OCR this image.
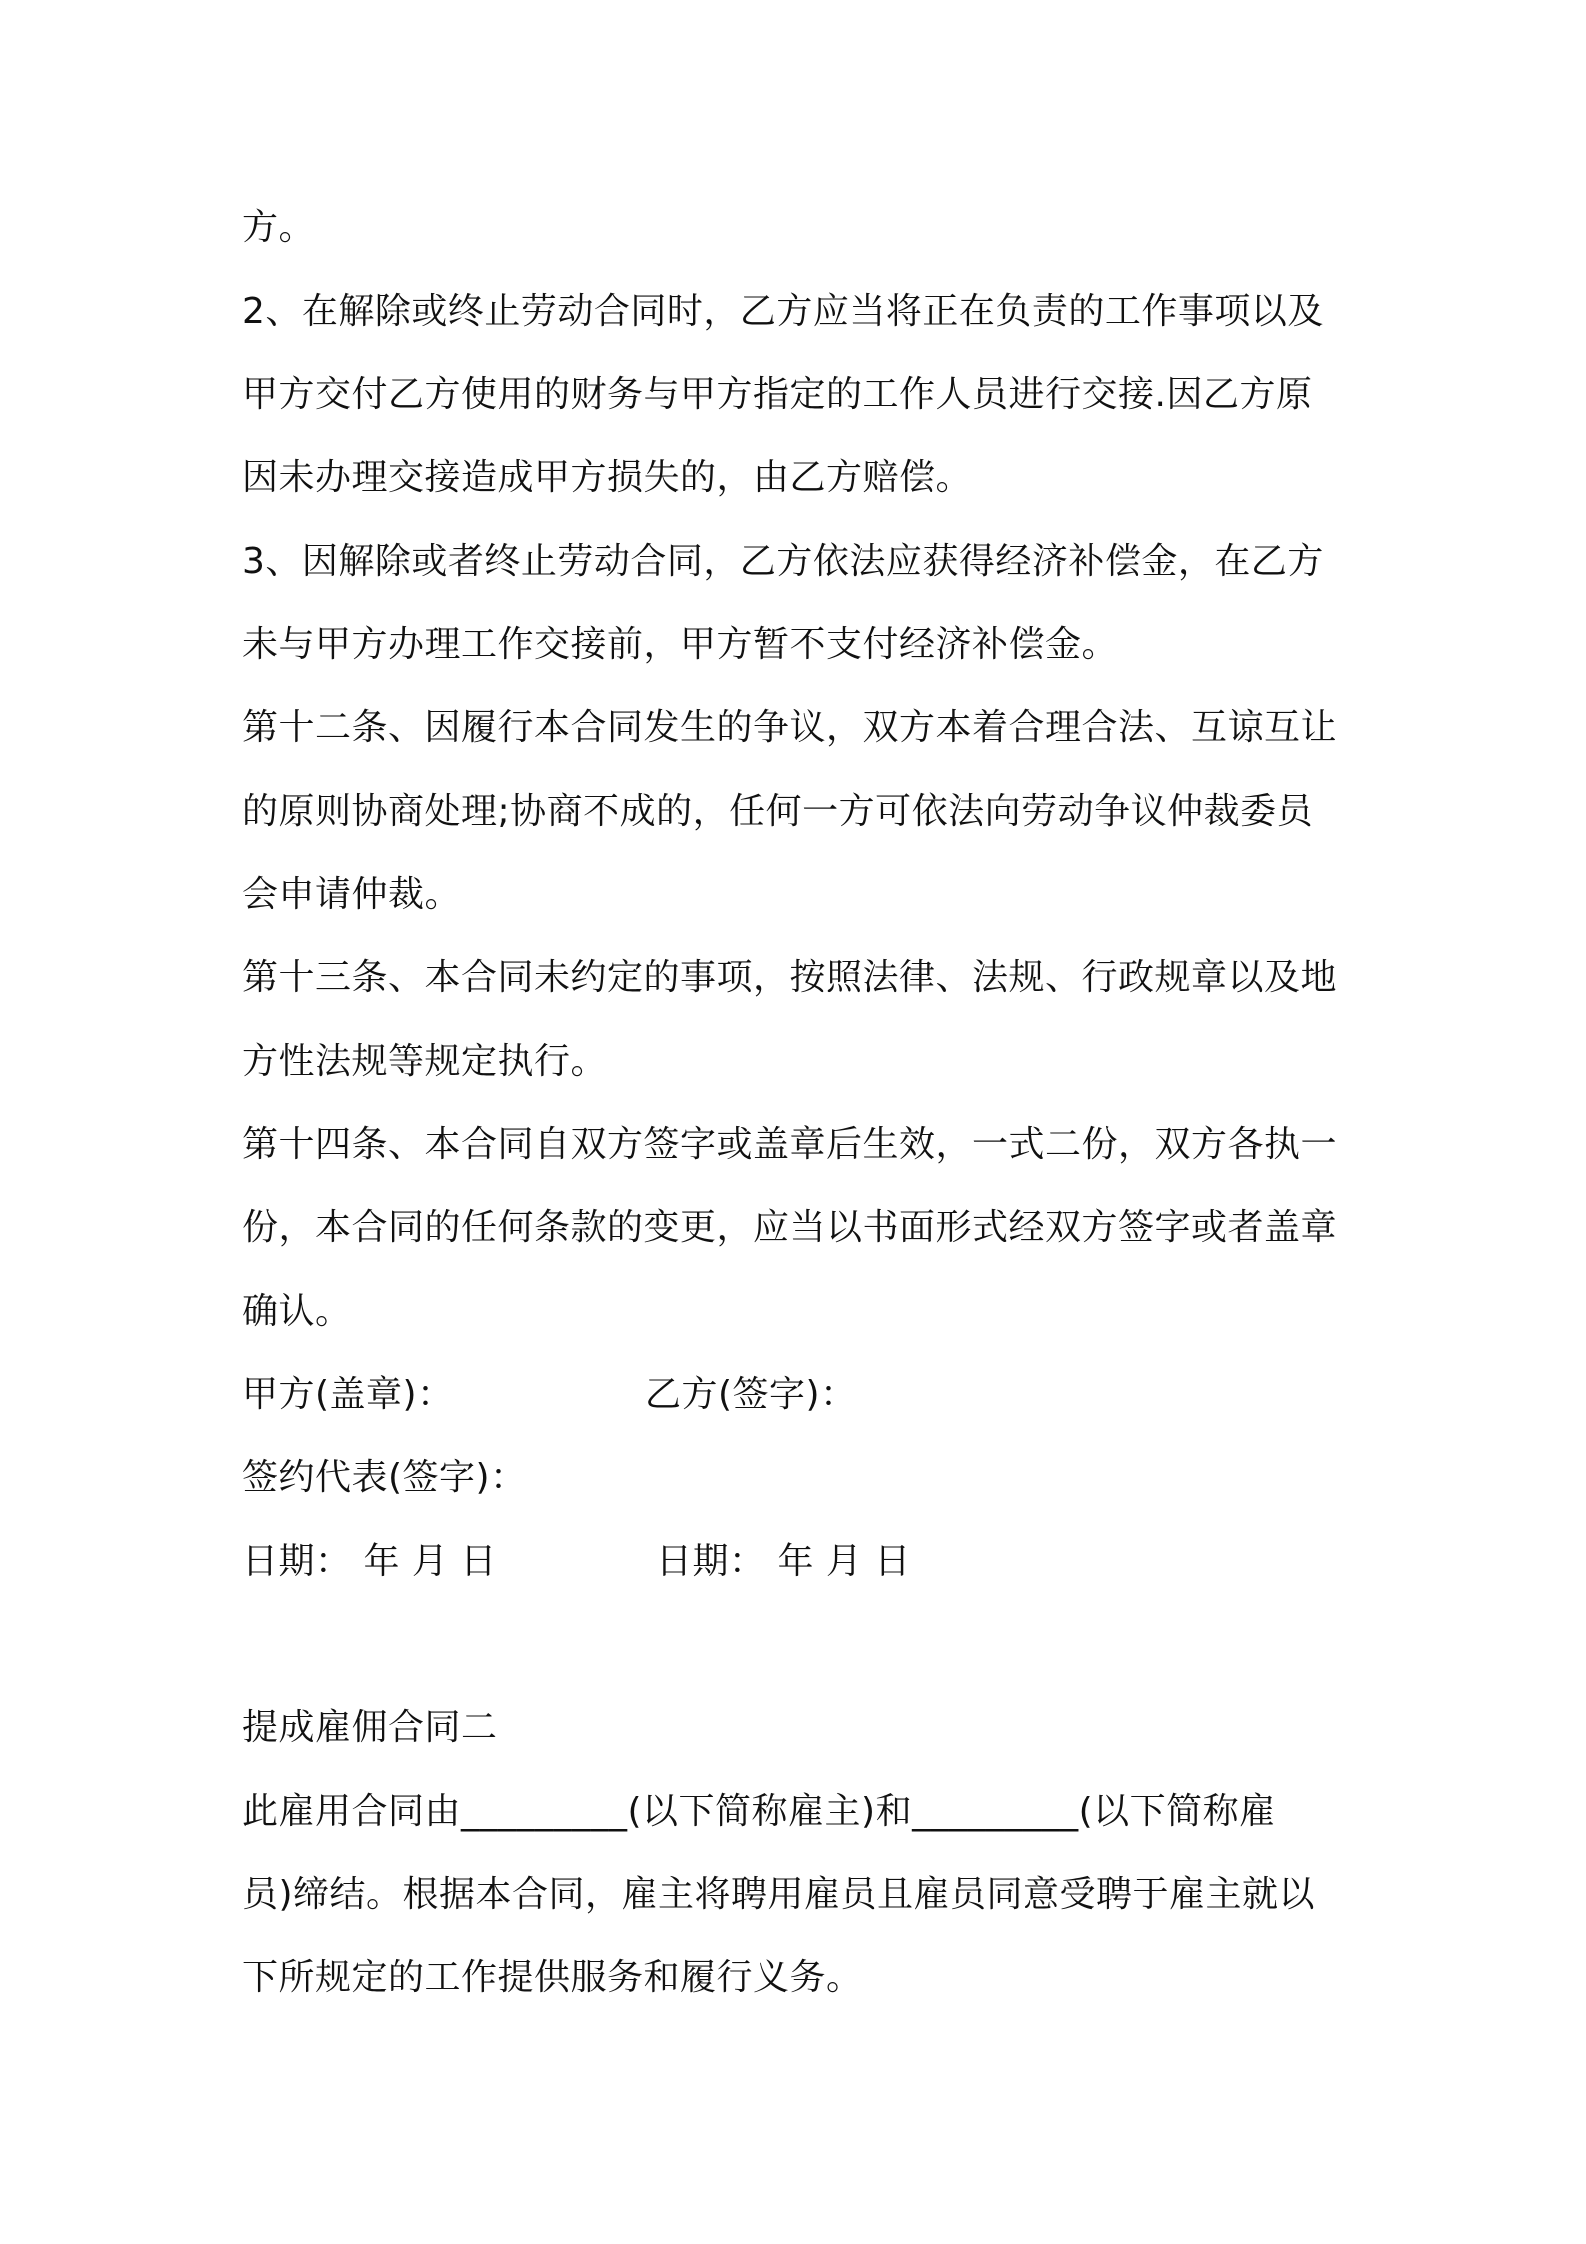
方。
2、在解除或终止劳动合同时，乙方应当将正在负责的工作事项以及
甲方交付乙方使用的财务与甲方指定的工作人员进行交接.因乙方原
因未办理交接造成甲方损失的，由乙方赔偿。
3、因解除或者终止劳动合同，乙方依法应获得经济补偿金，在乙方
未与甲方办理工作交接前，甲方暂不支付经济补偿金。
第十二条、因履行本合同发生的争议，双方本着合理合法、互谅互让
的原则协商处理;协商不成的，任何一方可依法向劳动争议仲裁委员
会申请仲裁。
第十三条、本合同未约定的事项，按照法律、法规、行政规章以及地
方性法规等规定执行。
第十四条、本合同自双方签字或盖章后生效，一式二份，双方各执一
份，本合同的任何条款的变更，应当以书面形式经双方签字或者盖章
确认。
甲方(盖章)：	乙方(签字)：
签约代表(签字)：
日期： 年 月 日	日期： 年 月 日
提成雇佣合同二
此雇用合同由_________(以下简称雇主)和_________(以下简称雇
员)缔结。根据本合同，雇主将聘用雇员且雇员同意受聘于雇主就以
下所规定的工作提供服务和履行义务。
